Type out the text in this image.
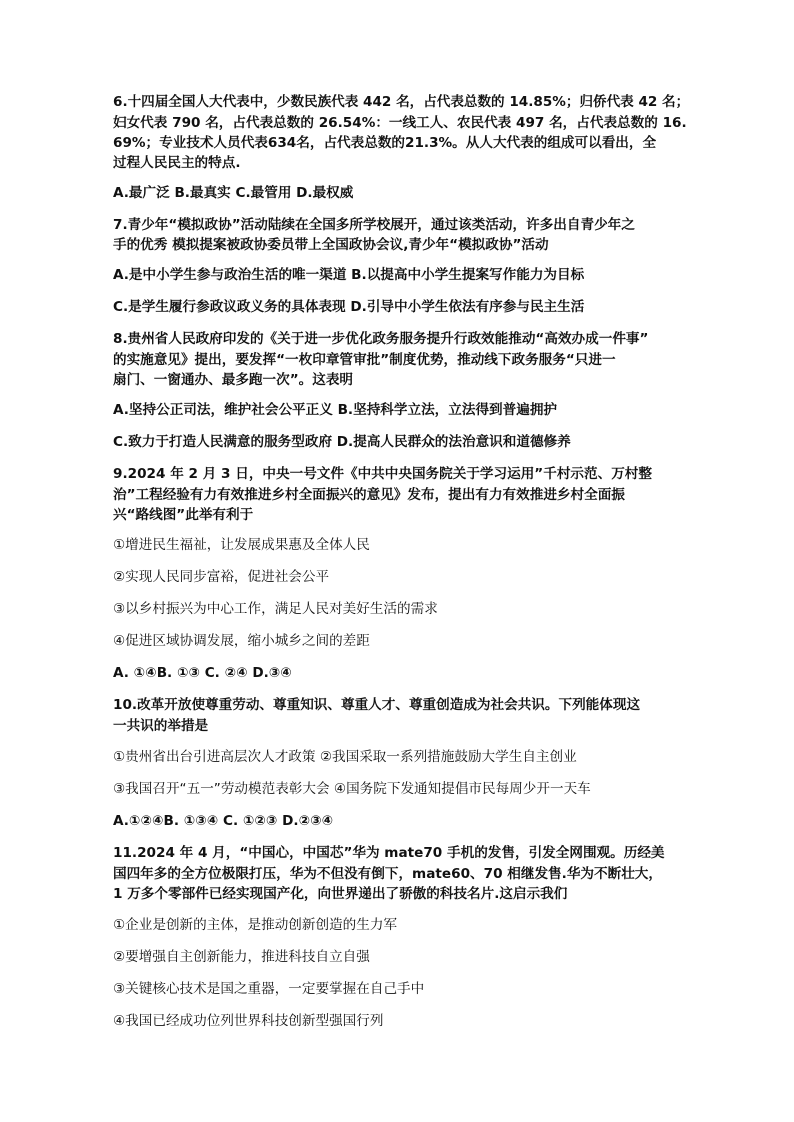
6.十四届全国人大代表中，少数民族代表 442 名，占代表总数的 14.85%；归侨代表 42 名；
妇女代表 790 名，占代表总数的 26.54%：一线工人、农民代表 497 名，占代表总数的 16.
69%；专业技术人员代表634名，占代表总数的21.3%。从人大代表的组成可以看出，全
过程人民民主的特点.
A.最广泛 B.最真实 C.最管用 D.最权威
7.青少年“模拟政协”活动陆续在全国多所学校展开，通过该类活动，许多出自青少年之
手的优秀 模拟提案被政协委员带上全国政协会议,青少年“模拟政协”活动
A.是中小学生参与政治生活的唯一渠道 B.以提高中小学生提案写作能力为目标
C.是学生履行参政议政义务的具体表现 D.引导中小学生依法有序参与民主生活
8.贵州省人民政府印发的《关于进一步优化政务服务提升行政效能推动“高效办成一件事”
的实施意见》提出，要发挥“一枚印章管审批”制度优势，推动线下政务服务“只进一
扇门、一窗通办、最多跑一次”。这表明
A.坚持公正司法，维护社会公平正义 B.坚持科学立法，立法得到普遍拥护
C.致力于打造人民满意的服务型政府 D.提高人民群众的法治意识和道德修养
9.2024 年 2 月 3 日，中央一号文件《中共中央国务院关于学习运用”千村示范、万村整
治”工程经验有力有效推进乡村全面振兴的意见》发布，提出有力有效推进乡村全面振
兴“路线图”此举有利于
①增进民生福祉，让发展成果惠及全体人民
②实现人民同步富裕，促进社会公平
③以乡村振兴为中心工作，满足人民对美好生活的需求
④促进区域协调发展，缩小城乡之间的差距
A. ①④B. ①③ C. ②④ D.③④
10.改革开放使尊重劳动、尊重知识、尊重人才、尊重创造成为社会共识。下列能体现这
一共识的举措是
①贵州省出台引进高层次人才政策 ②我国采取一系列措施鼓励大学生自主创业
③我国召开“五一”劳动模范表彰大会 ④国务院下发通知提倡市民每周少开一天车
A.①②④B. ①③④ C. ①②③ D.②③④
11.2024 年 4 月，“中国心，中国芯”华为 mate70 手机的发售，引发全网围观。历经美
国四年多的全方位极限打压，华为不但没有倒下，mate60、70 相继发售.华为不断壮大，
1 万多个零部件已经实现国产化，向世界递出了骄傲的科技名片.这启示我们
①企业是创新的主体，是推动创新创造的生力军
②要增强自主创新能力，推进科技自立自强
③关键核心技术是国之重器，一定要掌握在自己手中
④我国已经成功位列世界科技创新型强国行列
